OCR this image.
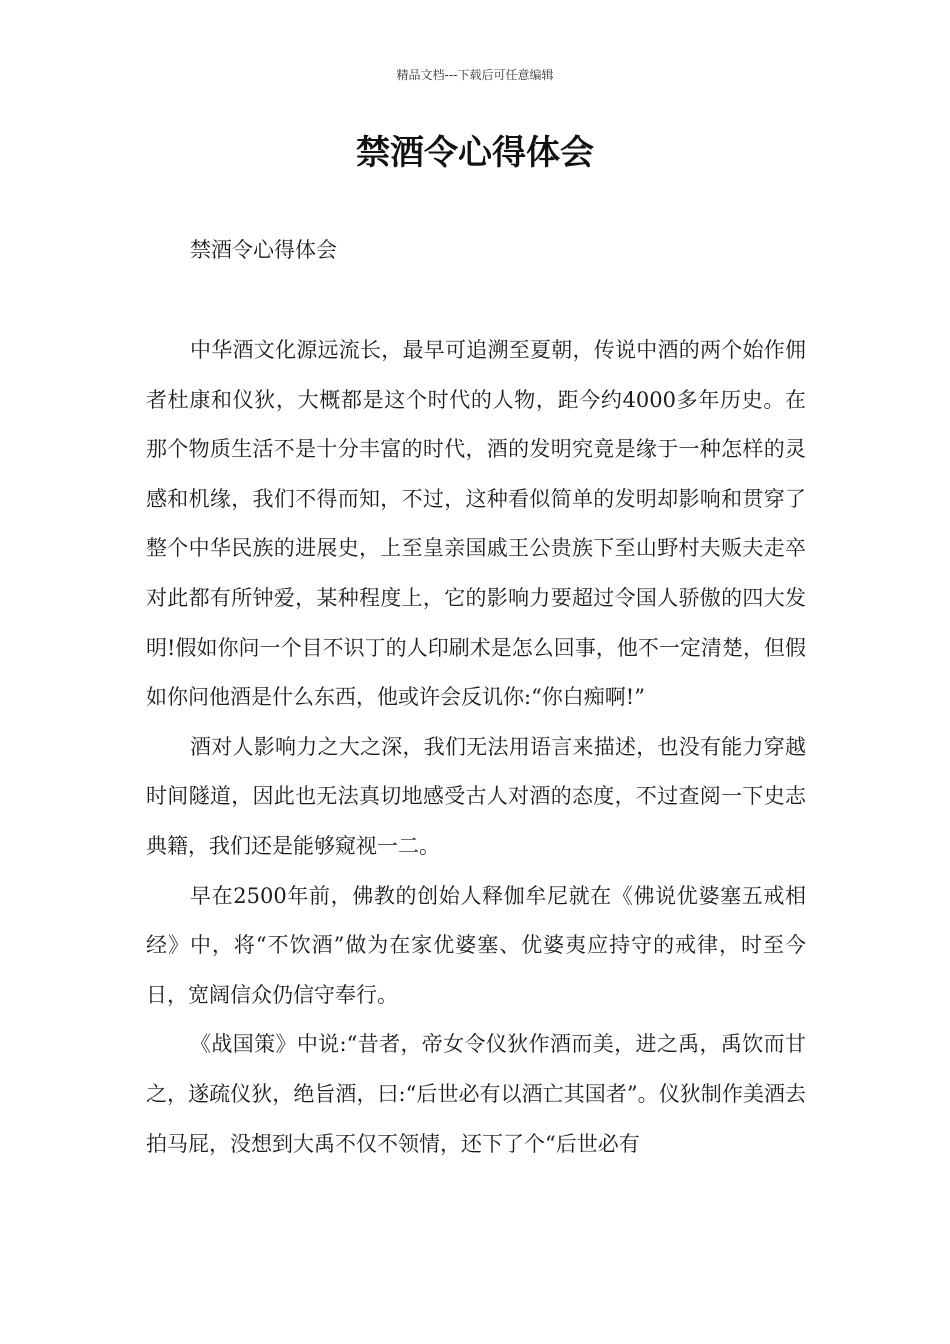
精品文档---下载后可任意编辑
禁酒令心得体会

禁酒令心得体会

中华酒文化源远流长，最早可追溯至夏朝，传说中酒的两个始作佣者杜康和仪狄，大概都是这个时代的人物，距今约4000多年历史。在那个物质生活不是十分丰富的时代，酒的发明究竟是缘于一种怎样的灵感和机缘，我们不得而知，不过，这种看似简单的发明却影响和贯穿了整个中华民族的进展史，上至皇亲国戚王公贵族下至山野村夫贩夫走卒对此都有所钟爱，某种程度上，它的影响力要超过令国人骄傲的四大发明!假如你问一个目不识丁的人印刷术是怎么回事，他不一定清楚，但假如你问他酒是什么东西，他或许会反讥你:“你白痴啊!”

酒对人影响力之大之深，我们无法用语言来描述，也没有能力穿越时间隧道，因此也无法真切地感受古人对酒的态度，不过查阅一下史志典籍，我们还是能够窥视一二。

早在2500年前，佛教的创始人释伽牟尼就在《佛说优婆塞五戒相经》中，将“不饮酒”做为在家优婆塞、优婆夷应持守的戒律，时至今日，宽阔信众仍信守奉行。

《战国策》中说:“昔者，帝女令仪狄作酒而美，进之禹，禹饮而甘之，遂疏仪狄，绝旨酒，曰:“后世必有以酒亡其国者”。仪狄制作美酒去拍马屁，没想到大禹不仅不领情，还下了个“后世必有
